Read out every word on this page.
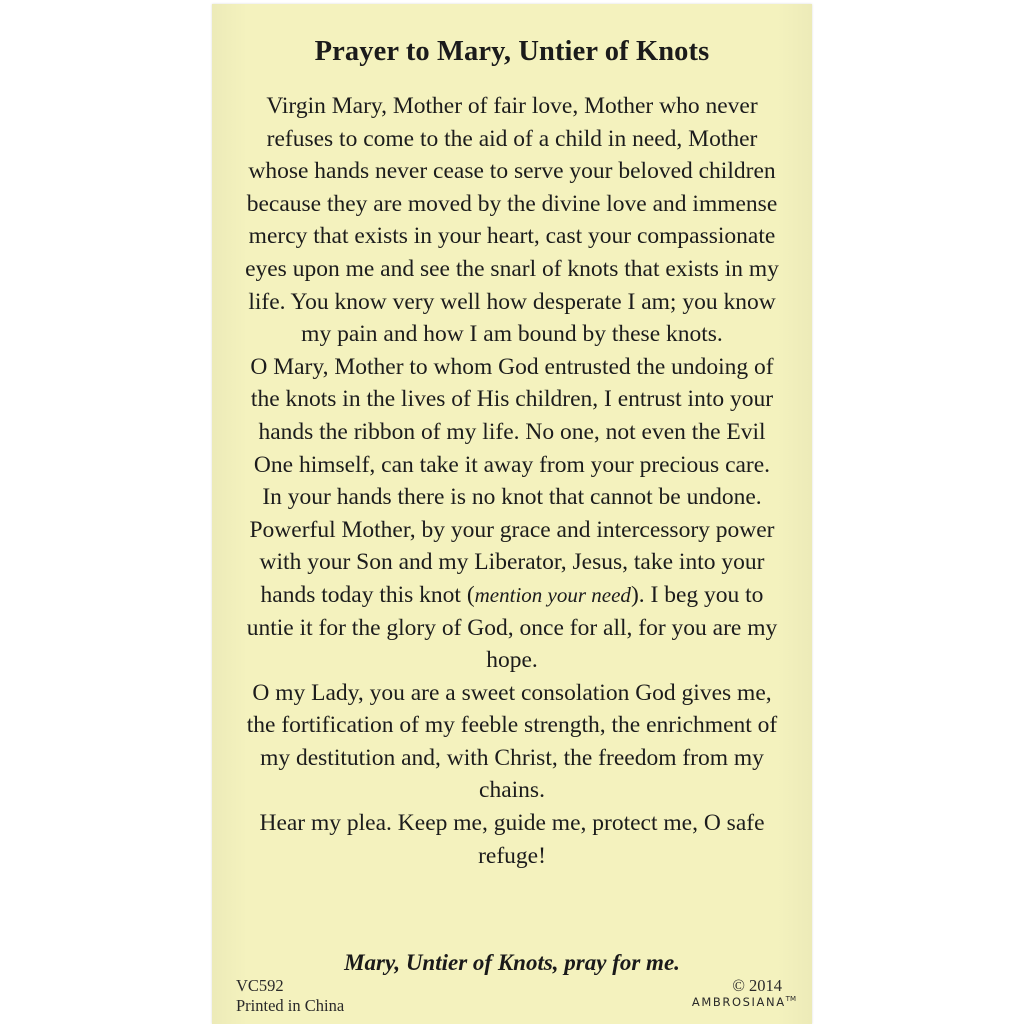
Prayer to Mary, Untier of Knots

Virgin Mary, Mother of fair love, Mother who never refuses to come to the aid of a child in need, Mother whose hands never cease to serve your beloved children because they are moved by the divine love and immense mercy that exists in your heart, cast your compassionate eyes upon me and see the snarl of knots that exists in my life. You know very well how desperate I am; you know my pain and how I am bound by these knots.

O Mary, Mother to whom God entrusted the undoing of the knots in the lives of His children, I entrust into your hands the ribbon of my life. No one, not even the Evil One himself, can take it away from your precious care. In your hands there is no knot that cannot be undone.

Powerful Mother, by your grace and intercessory power with your Son and my Liberator, Jesus, take into your hands today this knot (mention your need). I beg you to untie it for the glory of God, once for all, for you are my hope.

O my Lady, you are a sweet consolation God gives me, the fortification of my feeble strength, the enrichment of my destitution and, with Christ, the freedom from my chains.

Hear my plea. Keep me, guide me, protect me, O safe refuge!

Mary, Untier of Knots, pray for me.
VC592
Printed in China
© 2014
AMBROSIANA™
